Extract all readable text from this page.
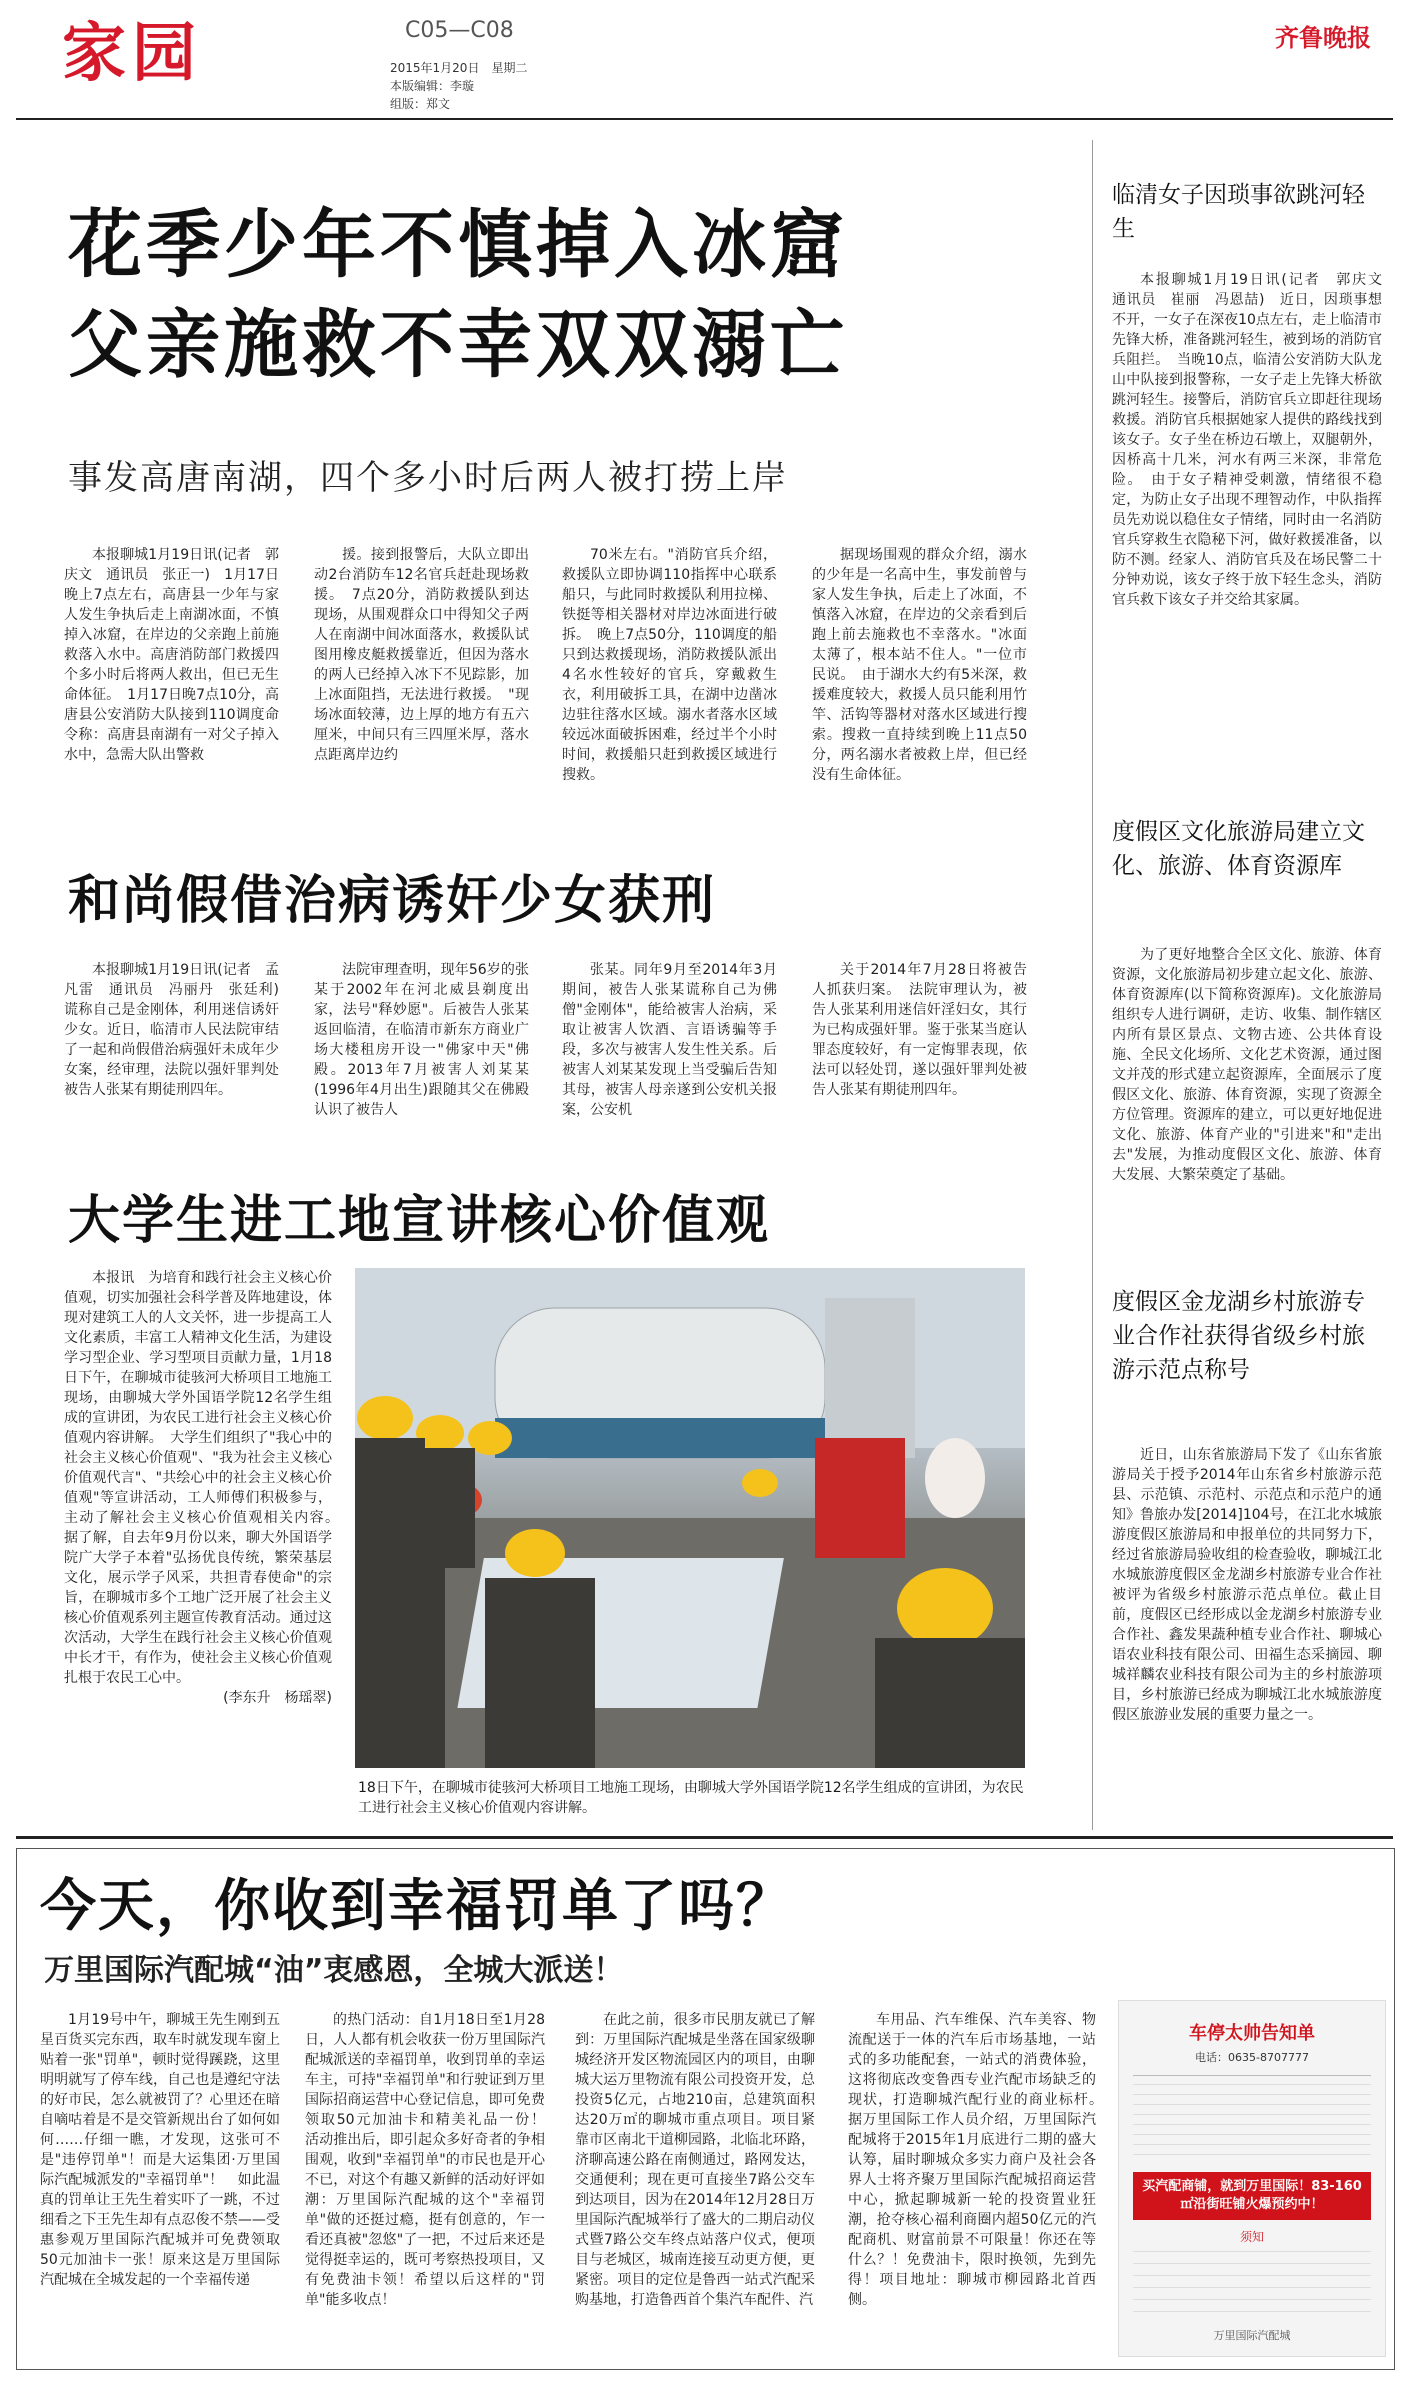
家园	C05—C08
2015年1月20日　星期二
本版编辑：李璇
组版：郑文
齐鲁晚报
花季少年不慎掉入冰窟
父亲施救不幸双双溺亡
事发高唐南湖，四个多小时后两人被打捞上岸

本报聊城1月19日讯(记者　郭庆文　通讯员　张正一)　1月17日晚上7点左右，高唐县一少年与家人发生争执后走上南湖冰面，不慎掉入冰窟，在岸边的父亲跑上前施救落入水中。高唐消防部门救援四个多小时后将两人救出，但已无生命体征。　1月17日晚7点10分，高唐县公安消防大队接到110调度命令称：高唐县南湖有一对父子掉入水中，急需大队出警救

援。接到报警后，大队立即出动2台消防车12名官兵赶赴现场救援。　7点20分，消防救援队到达现场，从围观群众口中得知父子两人在南湖中间冰面落水，救援队试图用橡皮艇救援靠近，但因为落水的两人已经掉入冰下不见踪影，加上冰面阻挡，无法进行救援。　"现场冰面较薄，边上厚的地方有五六厘米，中间只有三四厘米厚，落水点距离岸边约

70米左右。"消防官兵介绍，救援队立即协调110指挥中心联系船只，与此同时救援队利用拉梯、铁挺等相关器材对岸边冰面进行破拆。　晚上7点50分，110调度的船只到达救援现场，消防救援队派出4名水性较好的官兵，穿戴救生衣，利用破拆工具，在湖中边凿冰边驻往落水区域。溺水者落水区域较远冰面破拆困难，经过半个小时时间，救援船只赶到救援区域进行搜救。

据现场围观的群众介绍，溺水的少年是一名高中生，事发前曾与家人发生争执，后走上了冰面，不慎落入冰窟，在岸边的父亲看到后跑上前去施救也不幸落水。"冰面太薄了，根本站不住人。"一位市民说。　由于湖水大约有5米深，救援难度较大，救援人员只能利用竹竿、活钩等器材对落水区域进行搜索。搜救一直持续到晚上11点50分，两名溺水者被救上岸，但已经没有生命体征。

和尚假借治病诱奸少女获刑

本报聊城1月19日讯(记者　孟凡雷　通讯员　冯丽丹　张廷利)　谎称自己是金刚体，利用迷信诱奸少女。近日，临清市人民法院审结了一起和尚假借治病强奸未成年少女案，经审理，法院以强奸罪判处被告人张某有期徒刑四年。

法院审理查明，现年56岁的张某于2002年在河北威县剃度出家，法号"释妙愿"。后被告人张某返回临清，在临清市新东方商业广场大楼租房开设一"佛家中天"佛殿。2013年7月被害人刘某某(1996年4月出生)跟随其父在佛殿认识了被告人

张某。同年9月至2014年3月期间，被告人张某谎称自己为佛僧"金刚体"，能给被害人治病，采取让被害人饮酒、言语诱骗等手段，多次与被害人发生性关系。后被害人刘某某发现上当受骗后告知其母，被害人母亲遂到公安机关报案，公安机

关于2014年7月28日将被告人抓获归案。　法院审理认为，被告人张某利用迷信奸淫妇女，其行为已构成强奸罪。鉴于张某当庭认罪态度较好，有一定悔罪表现，依法可以轻处罚，遂以强奸罪判处被告人张某有期徒刑四年。

大学生进工地宣讲核心价值观

本报讯　为培育和践行社会主义核心价值观，切实加强社会科学普及阵地建设，体现对建筑工人的人文关怀，进一步提高工人文化素质，丰富工人精神文化生活，为建设学习型企业、学习型项目贡献力量，1月18日下午，在聊城市徒骇河大桥项目工地施工现场，由聊城大学外国语学院12名学生组成的宣讲团，为农民工进行社会主义核心价值观内容讲解。　大学生们组织了"我心中的社会主义核心价值观"、"我为社会主义核心价值观代言"、"共绘心中的社会主义核心价值观"等宣讲活动，工人师傅们积极参与，主动了解社会主义核心价值观相关内容。　据了解，自去年9月份以来，聊大外国语学院广大学子本着"弘扬优良传统，繁荣基层文化，展示学子风采，共担青春使命"的宗旨，在聊城市多个工地广泛开展了社会主义核心价值观系列主题宣传教育活动。通过这次活动，大学生在践行社会主义核心价值观中长才干，有作为，使社会主义核心价值观扎根于农民工心中。

(李东升　杨瑶翠)

18日下午，在聊城市徒骇河大桥项目工地施工现场，由聊城大学外国语学院12名学生组成的宣讲团，为农民工进行社会主义核心价值观内容讲解。
临清女子因琐事欲跳河轻生

本报聊城1月19日讯(记者　郭庆文　通讯员　崔丽　冯恩喆)　近日，因琐事想不开，一女子在深夜10点左右，走上临清市先锋大桥，准备跳河轻生，被到场的消防官兵阻拦。　当晚10点，临清公安消防大队龙山中队接到报警称，一女子走上先锋大桥欲跳河轻生。接警后，消防官兵立即赶往现场救援。消防官兵根据她家人提供的路线找到该女子。女子坐在桥边石墩上，双腿朝外，因桥高十几米，河水有两三米深，非常危险。　由于女子精神受刺激，情绪很不稳定，为防止女子出现不理智动作，中队指挥员先劝说以稳住女子情绪，同时由一名消防官兵穿救生衣隐秘下河，做好救援准备，以防不测。经家人、消防官兵及在场民警二十分钟劝说，该女子终于放下轻生念头，消防官兵救下该女子并交给其家属。

度假区文化旅游局建立文化、旅游、体育资源库

为了更好地整合全区文化、旅游、体育资源，文化旅游局初步建立起文化、旅游、体育资源库(以下简称资源库)。文化旅游局组织专人进行调研，走访、收集、制作辖区内所有景区景点、文物古迹、公共体育设施、全民文化场所、文化艺术资源，通过图文并茂的形式建立起资源库，全面展示了度假区文化、旅游、体育资源，实现了资源全方位管理。资源库的建立，可以更好地促进文化、旅游、体育产业的"引进来"和"走出去"发展，为推动度假区文化、旅游、体育大发展、大繁荣奠定了基础。

度假区金龙湖乡村旅游专业合作社获得省级乡村旅游示范点称号

近日，山东省旅游局下发了《山东省旅游局关于授予2014年山东省乡村旅游示范县、示范镇、示范村、示范点和示范户的通知》鲁旅办发[2014]104号，在江北水城旅游度假区旅游局和申报单位的共同努力下，经过省旅游局验收组的检查验收，聊城江北水城旅游度假区金龙湖乡村旅游专业合作社被评为省级乡村旅游示范点单位。截止目前，度假区已经形成以金龙湖乡村旅游专业合作社、鑫发果蔬种植专业合作社、聊城心语农业科技有限公司、田福生态采摘园、聊城祥麟农业科技有限公司为主的乡村旅游项目，乡村旅游已经成为聊城江北水城旅游度假区旅游业发展的重要力量之一。

今天，你收到幸福罚单了吗？
万里国际汽配城“油”衷感恩，全城大派送！

1月19号中午，聊城王先生刚到五星百货买完东西，取车时就发现车窗上贴着一张"罚单"，顿时觉得蹊跷，这里明明就写了停车线，自己也是遵纪守法的好市民，怎么就被罚了？心里还在暗自嘀咕着是不是交管新规出台了如何如何……仔细一瞧，才发现，这张可不是"违停罚单"！而是大运集团·万里国际汽配城派发的"幸福罚单"！　如此温真的罚单让王先生着实吓了一跳，不过细看之下王先生却有点忍俊不禁——受惠参观万里国际汽配城并可免费领取50元加油卡一张！原来这是万里国际汽配城在全城发起的一个幸福传递

的热门活动：自1月18日至1月28日，人人都有机会收获一份万里国际汽配城派送的幸福罚单，收到罚单的幸运车主，可持"幸福罚单"和行驶证到万里国际招商运营中心登记信息，即可免费领取50元加油卡和精美礼品一份！　活动推出后，即引起众多好奇者的争相围观，收到"幸福罚单"的市民也是开心不已，对这个有趣又新鲜的活动好评如潮：万里国际汽配城的这个"幸福罚单"做的还挺过瘾，挺有创意的，乍一看还真被"忽悠"了一把，不过后来还是觉得挺幸运的，既可考察热投项目，又有免费油卡领！希望以后这样的"罚单"能多收点！

在此之前，很多市民朋友就已了解到：万里国际汽配城是坐落在国家级聊城经济开发区物流园区内的项目，由聊城大运万里物流有限公司投资开发，总投资5亿元，占地210亩，总建筑面积达20万㎡的聊城市重点项目。项目紧靠市区南北干道柳园路，北临北环路，济聊高速公路在南侧通过，路网发达，交通便利；现在更可直接坐7路公交车到达项目，因为在2014年12月28日万里国际汽配城举行了盛大的二期启动仪式暨7路公交车终点站落户仪式，便项目与老城区，城南连接互动更方便，更紧密。项目的定位是鲁西一站式汽配采购基地，打造鲁西首个集汽车配件、汽

车用品、汽车维保、汽车美容、物流配送于一体的汽车后市场基地，一站式的多功能配套，一站式的消费体验，这将彻底改变鲁西专业汽配市场缺乏的现状，打造聊城汽配行业的商业标杆。　据万里国际工作人员介绍，万里国际汽配城将于2015年1月底进行二期的盛大认筹，届时聊城众多实力商户及社会各界人士将齐聚万里国际汽配城招商运营中心，掀起聊城新一轮的投资置业狂潮，抢夺核心福利商圈内超50亿元的汽配商机、财富前景不可限量！你还在等什么？！免费油卡，限时换领，先到先得！项目地址：聊城市柳园路北首西侧。

车停太帅告知单
电话：0635-8707777
买汽配商铺，就到万里国际！83-160㎡沿街旺铺火爆预约中！
须知
万里国际汽配城
